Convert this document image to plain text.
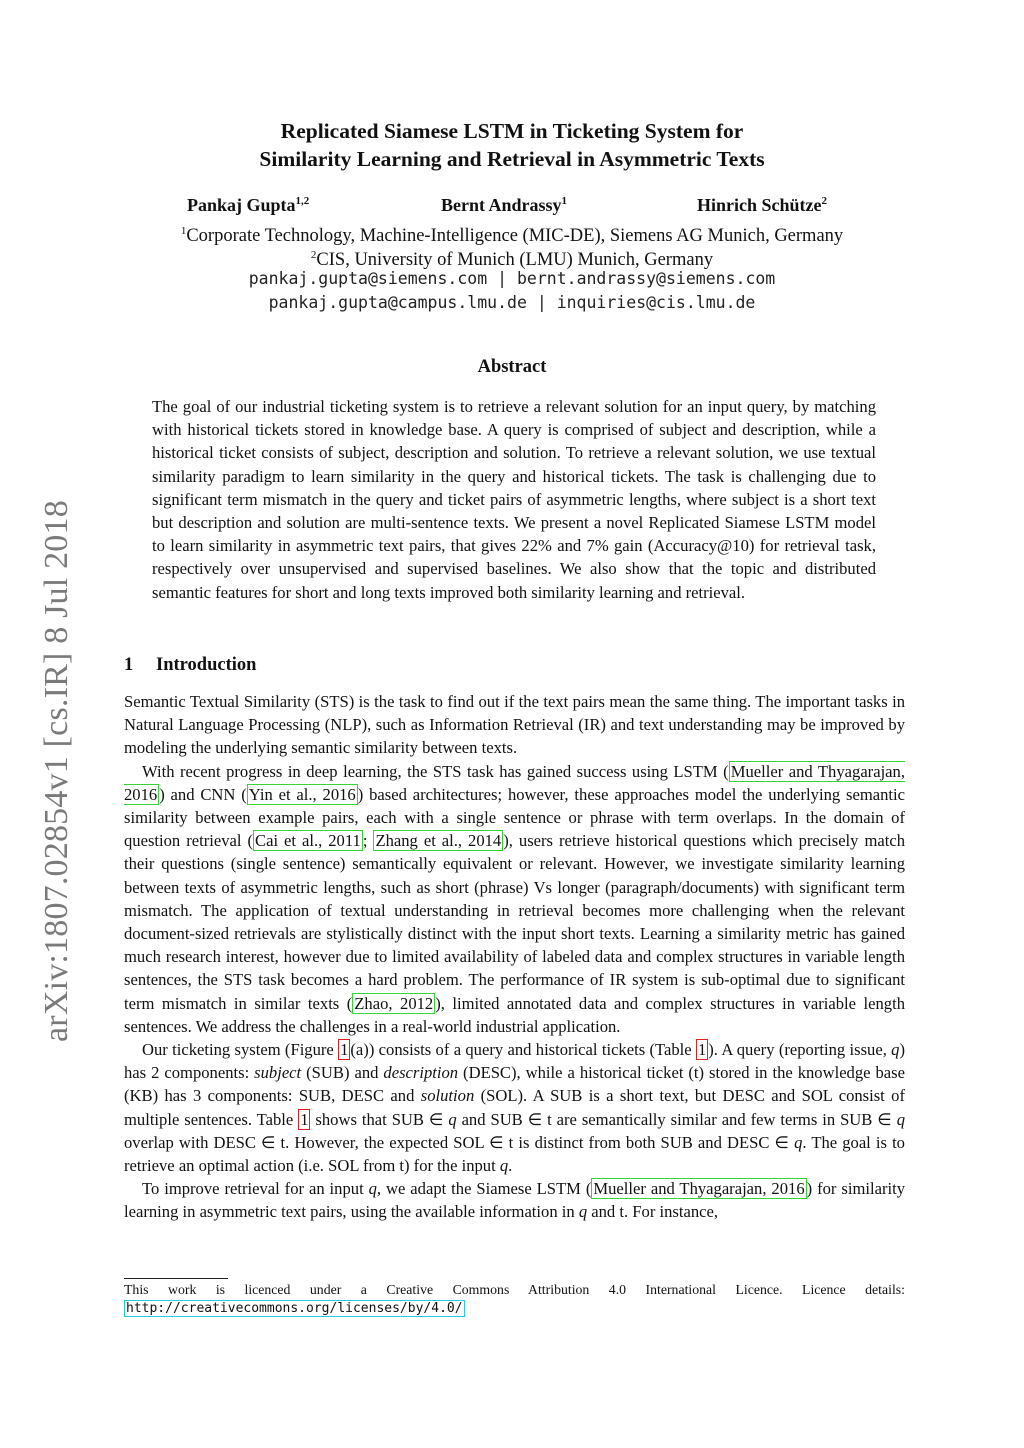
arXiv:1807.02854v1 [cs.IR] 8 Jul 2018
Replicated Siamese LSTM in Ticketing System for
Similarity Learning and Retrieval in Asymmetric Texts
Pankaj Gupta$^{1,2}$	Bernt Andrassy$^1$	Hinrich Schütze$^2$
$^1$Corporate Technology, Machine-Intelligence (MIC-DE), Siemens AG Munich, Germany
$^2$CIS, University of Munich (LMU) Munich, Germany
pankaj.gupta@siemens.com | bernt.andrassy@siemens.com
pankaj.gupta@campus.lmu.de | inquiries@cis.lmu.de
Abstract
The goal of our industrial ticketing system is to retrieve a relevant solution for an input query, by matching with historical tickets stored in knowledge base. A query is comprised of subject and description, while a historical ticket consists of subject, description and solution. To retrieve a relevant solution, we use textual similarity paradigm to learn similarity in the query and historical tickets. The task is challenging due to significant term mismatch in the query and ticket pairs of asymmetric lengths, where subject is a short text but description and solution are multi-sentence texts. We present a novel Replicated Siamese LSTM model to learn similarity in asymmetric text pairs, that gives 22% and 7% gain (Accuracy@10) for retrieval task, respectively over unsupervised and supervised baselines. We also show that the topic and distributed semantic features for short and long texts improved both similarity learning and retrieval.
1 Introduction

Semantic Textual Similarity (STS) is the task to find out if the text pairs mean the same thing. The important tasks in Natural Language Processing (NLP), such as Information Retrieval (IR) and text understanding may be improved by modeling the underlying semantic similarity between texts.

With recent progress in deep learning, the STS task has gained success using LSTM ( Mueller and Thyagarajan, 2016 ) and CNN ( Yin et al., 2016 ) based architectures; however, these approaches model the underlying semantic similarity between example pairs, each with a single sentence or phrase with term overlaps. In the domain of question retrieval ( Cai et al., 2011 ; Zhang et al., 2014 ), users retrieve historical questions which precisely match their questions (single sentence) semantically equivalent or relevant. However, we investigate similarity learning between texts of asymmetric lengths, such as short (phrase) Vs longer (paragraph/documents) with significant term mismatch. The application of textual understanding in retrieval becomes more challenging when the relevant document-sized retrievals are stylistically distinct with the input short texts. Learning a similarity metric has gained much research interest, however due to limited availability of labeled data and complex structures in variable length sentences, the STS task becomes a hard problem. The performance of IR system is sub-optimal due to significant term mismatch in similar texts ( Zhao, 2012 ), limited annotated data and complex structures in variable length sentences. We address the challenges in a real-world industrial application.

Our ticketing system (Figure 1 (a)) consists of a query and historical tickets (Table 1 ). A query (reporting issue, q) has 2 components: subject (SUB) and description (DESC), while a historical ticket (t) stored in the knowledge base (KB) has 3 components: SUB, DESC and solution (SOL). A SUB is a short text, but DESC and SOL consist of multiple sentences. Table 1 shows that SUB ∈ q and SUB ∈ t are semantically similar and few terms in SUB ∈ q overlap with DESC ∈ t. However, the expected SOL ∈ t is distinct from both SUB and DESC ∈ q. The goal is to retrieve an optimal action (i.e. SOL from t) for the input q.

To improve retrieval for an input q, we adapt the Siamese LSTM ( Mueller and Thyagarajan, 2016 ) for similarity learning in asymmetric text pairs, using the available information in q and t. For instance,

This work is licenced under a Creative Commons Attribution 4.0 International Licence. Licence details: http://creativecommons.org/licenses/by/4.0/
